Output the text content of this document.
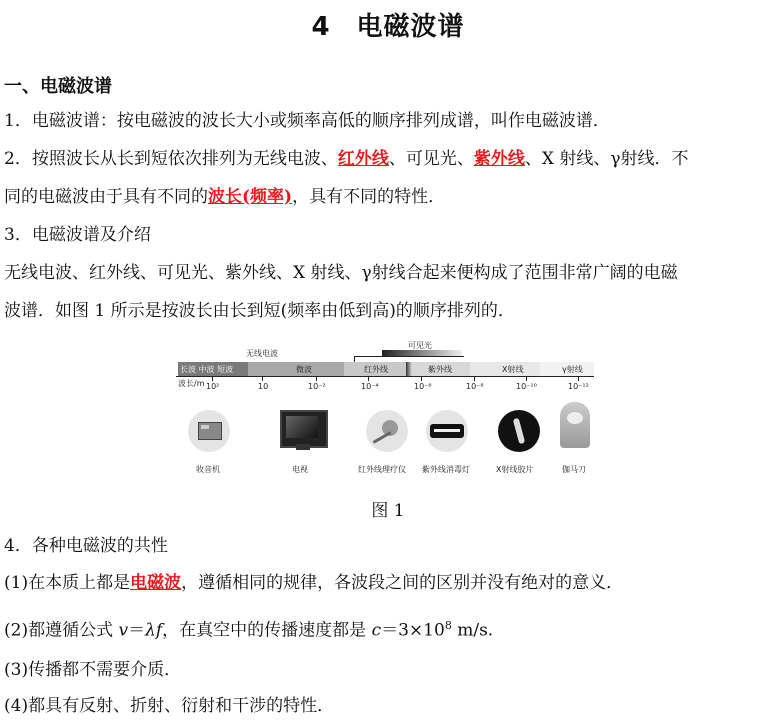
4 电磁波谱
一、电磁波谱
1．电磁波谱：按电磁波的波长大小或频率高低的顺序排列成谱，叫作电磁波谱．
2．按照波长从长到短依次排列为无线电波、红外线、可见光、紫外线、X 射线、γ射线．不
同的电磁波由于具有不同的波长(频率)，具有不同的特性．
3．电磁波谱及介绍
无线电波、红外线、可见光、紫外线、X 射线、γ射线合起来便构成了范围非常广阔的电磁
波谱．如图 1 所示是按波长由长到短(频率由低到高)的顺序排列的．
无线电波
可见光
长波 中波 短波	微波	红外线	紫外线	X射线	γ射线
波长/m 10²	10	10⁻²	10⁻⁴	10⁻⁶	10⁻⁸	10⁻¹⁰	10⁻¹²
收音机	电视	红外线理疗仪 紫外线消毒灯	X射线胶片	伽马刀
图 1
4．各种电磁波的共性
(1)在本质上都是电磁波，遵循相同的规律，各波段之间的区别并没有绝对的意义．
(2)都遵循公式 v＝λf，在真空中的传播速度都是 $c=3\times 10^8$ m/s.
(3)传播都不需要介质．
(4)都具有反射、折射、衍射和干涉的特性．
